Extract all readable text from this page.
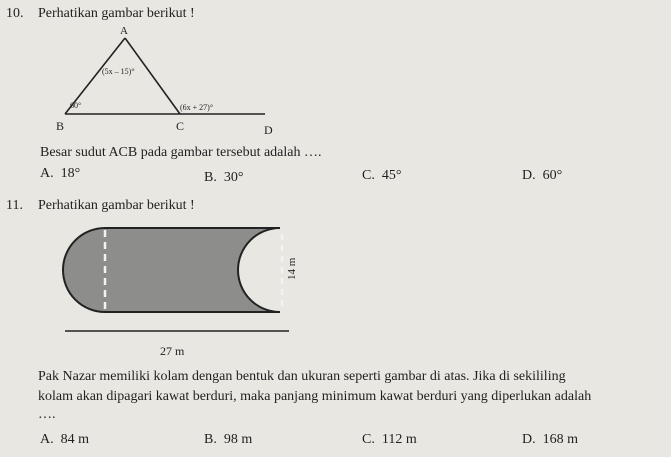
10. Perhatikan gambar berikut !
A
B	C	D
(5x – 15)°
60°	(6x + 27)°
Besar sudut ACB pada gambar tersebut adalah ….
A. 18°	B. 30°	C. 45°	D. 60°
11. Perhatikan gambar berikut !
14 m
27 m
Pak Nazar memiliki kolam dengan bentuk dan ukuran seperti gambar di atas. Jika di sekililing
kolam akan dipagari kawat berduri, maka panjang minimum kawat berduri yang diperlukan adalah
….
A. 84 m	B. 98 m	C. 112 m	D. 168 m
